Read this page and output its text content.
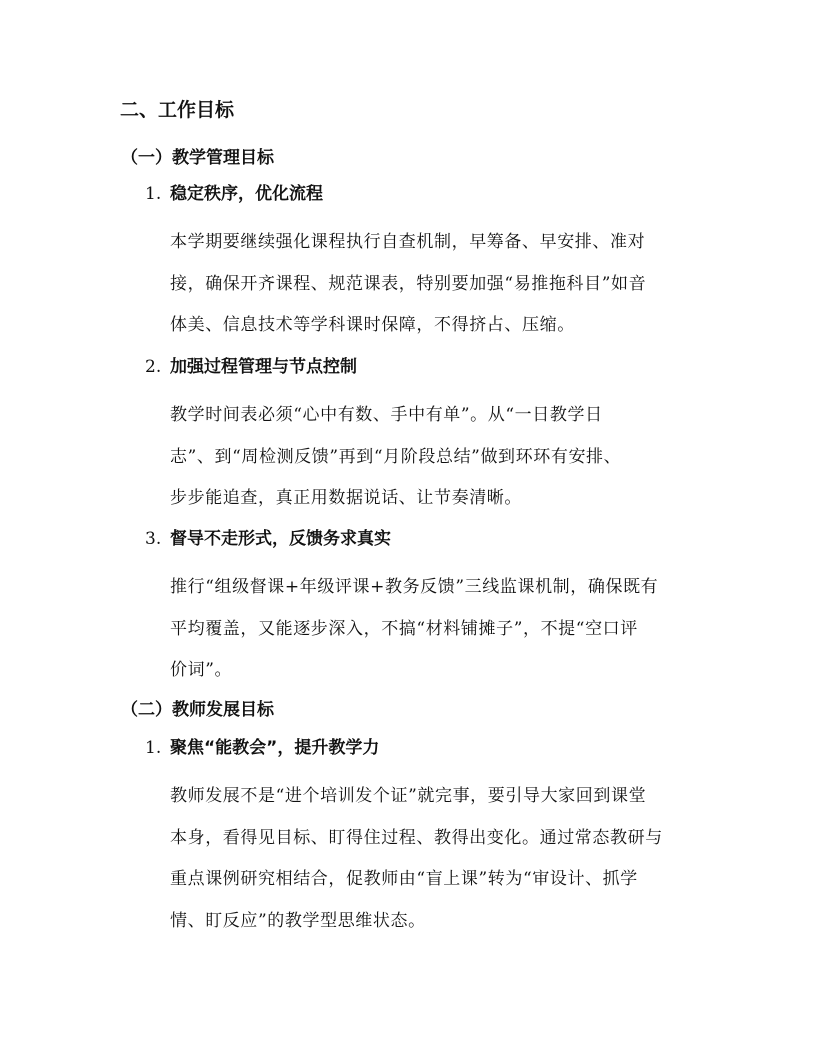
二、工作目标
（一）教学管理目标
1. 稳定秩序，优化流程
本学期要继续强化课程执行自查机制，早筹备、早安排、准对
接，确保开齐课程、规范课表，特别要加强“易推拖科目”如音
体美、信息技术等学科课时保障，不得挤占、压缩。
2. 加强过程管理与节点控制
教学时间表必须“心中有数、手中有单”。从“一日教学日
志”、到“周检测反馈”再到“月阶段总结”做到环环有安排、
步步能追查，真正用数据说话、让节奏清晰。
3. 督导不走形式，反馈务求真实
推行“组级督课+年级评课+教务反馈”三线监课机制，确保既有
平均覆盖，又能逐步深入，不搞“材料铺摊子”，不提“空口评
价词”。
（二）教师发展目标
1. 聚焦“能教会”，提升教学力
教师发展不是“进个培训发个证”就完事，要引导大家回到课堂
本身，看得见目标、盯得住过程、教得出变化。通过常态教研与
重点课例研究相结合，促教师由“盲上课”转为“审设计、抓学
情、盯反应”的教学型思维状态。
